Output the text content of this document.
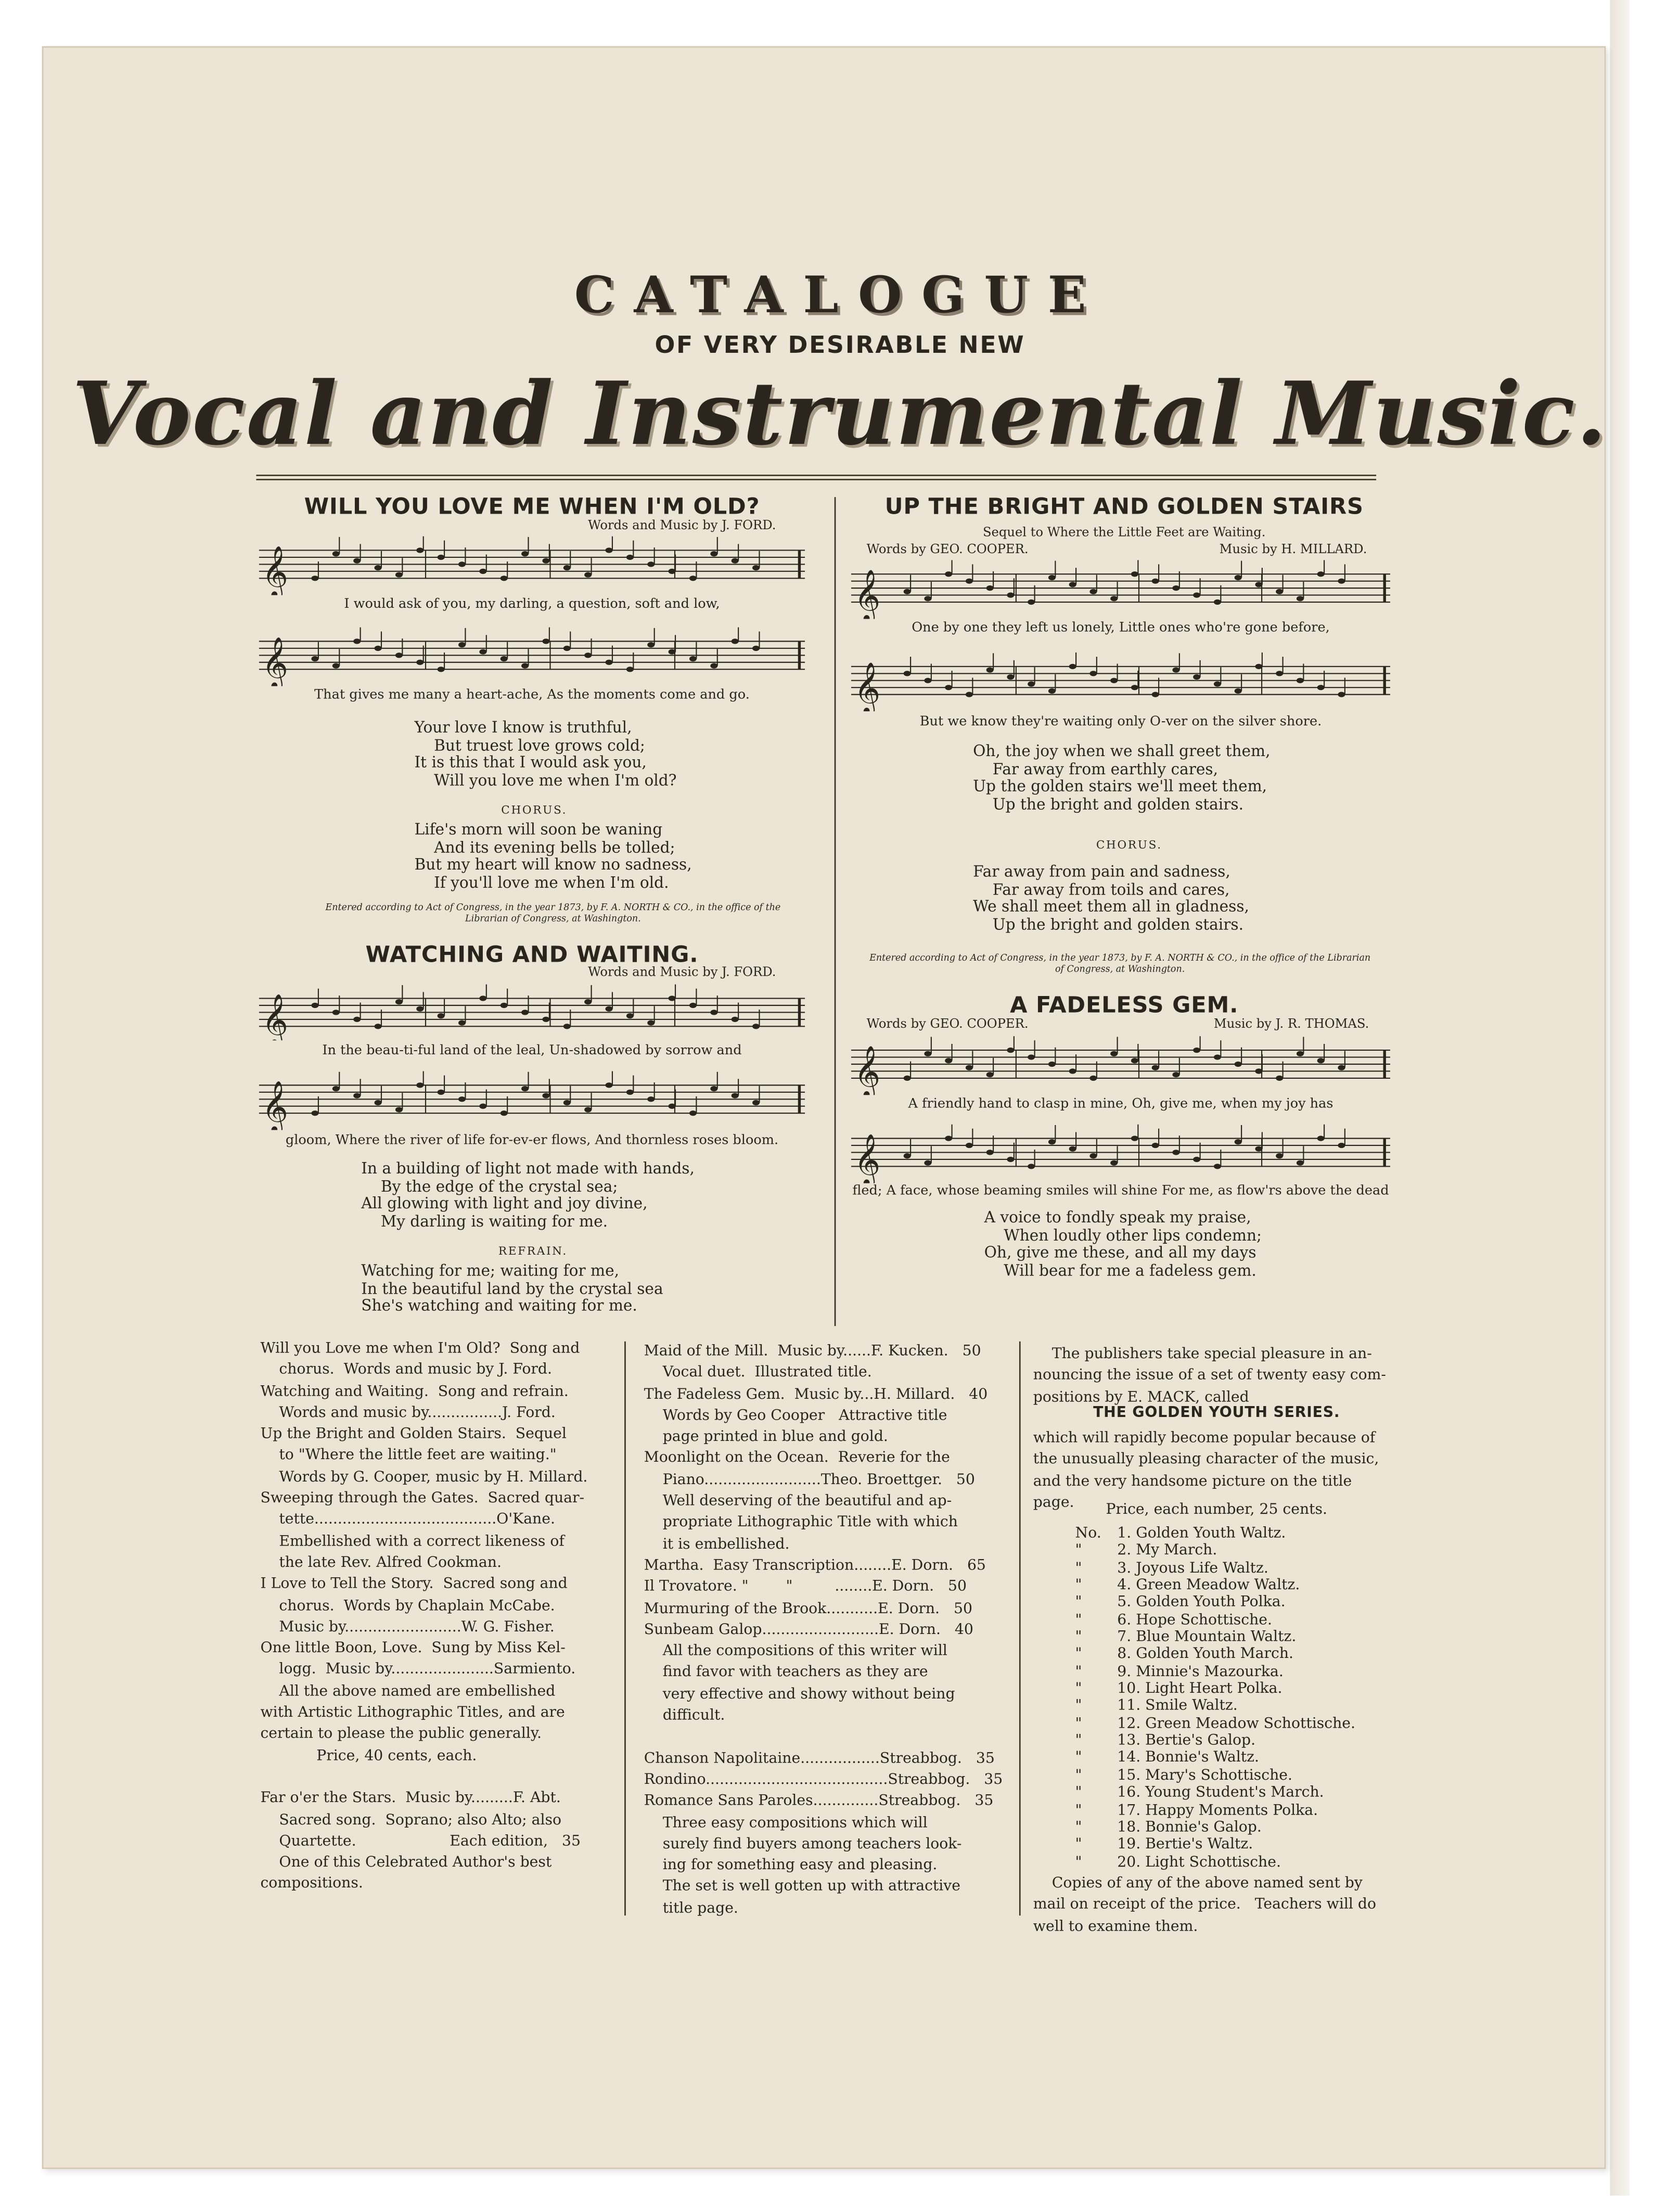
CATALOGUE
OF VERY DESIRABLE NEW
Vocal and Instrumental Music.
WILL YOU LOVE ME WHEN I'M OLD?
Words and Music by J. FORD.
𝄞
I would ask of you, my darling, a question, soft and low,
𝄞
That gives me many a heart-ache, As the moments come and go.
Your love I know is truthful,
But truest love grows cold;
It is this that I would ask you,
Will you love me when I'm old?
CHORUS.
Life's morn will soon be waning
And its evening bells be tolled;
But my heart will know no sadness,
If you'll love me when I'm old.
Entered according to Act of Congress, in the year 1873, by F. A. NORTH & CO., in the office of the Librarian of Congress, at Washington.
WATCHING AND WAITING.
Words and Music by J. FORD.
𝄞
In the beau-ti-ful land of the leal, Un-shadowed by sorrow and
𝄞
gloom, Where the river of life for-ev-er flows, And thornless roses bloom.
In a building of light not made with hands,
By the edge of the crystal sea;
All glowing with light and joy divine,
My darling is waiting for me.
REFRAIN.
Watching for me; waiting for me,
In the beautiful land by the crystal sea
She's watching and waiting for me.
UP THE BRIGHT AND GOLDEN STAIRS
Sequel to Where the Little Feet are Waiting.
Words by GEO. COOPER.	Music by H. MILLARD.
𝄞
One by one they left us lonely, Little ones who're gone before,
𝄞
But we know they're waiting only O-ver on the silver shore.
Oh, the joy when we shall greet them,
Far away from earthly cares,
Up the golden stairs we'll meet them,
Up the bright and golden stairs.
CHORUS.
Far away from pain and sadness,
Far away from toils and cares,
We shall meet them all in gladness,
Up the bright and golden stairs.
Entered according to Act of Congress, in the year 1873, by F. A. NORTH & CO., in the office of the Librarian of Congress, at Washington.
A FADELESS GEM.
Words by GEO. COOPER.	Music by J. R. THOMAS.
𝄞
A friendly hand to clasp in mine, Oh, give me, when my joy has
𝄞
fled; A face, whose beaming smiles will shine For me, as flow'rs above the dead
A voice to fondly speak my praise,
When loudly other lips condemn;
Oh, give me these, and all my days
Will bear for me a fadeless gem.
Will you Love me when I'm Old?  Song and
chorus.  Words and music by J. Ford.
Watching and Waiting.  Song and refrain.
Words and music by................J. Ford.
Up the Bright and Golden Stairs.  Sequel
to "Where the little feet are waiting."
Words by G. Cooper, music by H. Millard.
Sweeping through the Gates.  Sacred quar-
tette.......................................O'Kane.
Embellished with a correct likeness of
the late Rev. Alfred Cookman.
I Love to Tell the Story.  Sacred song and
chorus.  Words by Chaplain McCabe.
Music by.........................W. G. Fisher.
One little Boon, Love.  Sung by Miss Kel-
logg.  Music by......................Sarmiento.
All the above named are embellished
with Artistic Lithographic Titles, and are
certain to please the public generally.
Price, 40 cents, each.

Far o'er the Stars.  Music by.........F. Abt.
Sacred song.  Soprano; also Alto; also
Quartette.                    Each edition,   35
One of this Celebrated Author's best
compositions.
Maid of the Mill.  Music by......F. Kucken.   50
Vocal duet.  Illustrated title.
The Fadeless Gem.  Music by...H. Millard.   40
Words by Geo Cooper   Attractive title
page printed in blue and gold.
Moonlight on the Ocean.  Reverie for the
Piano.........................Theo. Broettger.   50
Well deserving of the beautiful and ap-
propriate Lithographic Title with which
it is embellished.
Martha.  Easy Transcription........E. Dorn.   65
Il Trovatore. "        "         ........E. Dorn.   50
Murmuring of the Brook...........E. Dorn.   50
Sunbeam Galop.........................E. Dorn.   40
All the compositions of this writer will
find favor with teachers as they are
very effective and showy without being
difficult.

Chanson Napolitaine.................Streabbog.   35
Rondino.......................................Streabbog.   35
Romance Sans Paroles..............Streabbog.   35
Three easy compositions which will
surely find buyers among teachers look-
ing for something easy and pleasing.
The set is well gotten up with attractive
title page.
The publishers take special pleasure in an-
nouncing the issue of a set of twenty easy com-
positions by E. MACK, called
THE GOLDEN YOUTH SERIES.
which will rapidly become popular because of
the unusually pleasing character of the music,
and the very handsome picture on the title
page.	Price, each number, 25 cents.
No.	1. Golden Youth Waltz.
"	2. My March.
"	3. Joyous Life Waltz.
"	4. Green Meadow Waltz.
"	5. Golden Youth Polka.
"	6. Hope Schottische.
"	7. Blue Mountain Waltz.
"	8. Golden Youth March.
"	9. Minnie's Mazourka.
"	10. Light Heart Polka.
"	11. Smile Waltz.
"	12. Green Meadow Schottische.
"	13. Bertie's Galop.
"	14. Bonnie's Waltz.
"	15. Mary's Schottische.
"	16. Young Student's March.
"	17. Happy Moments Polka.
"	18. Bonnie's Galop.
"	19. Bertie's Waltz.
"	20. Light Schottische.
Copies of any of the above named sent by
mail on receipt of the price.   Teachers will do
well to examine them.
